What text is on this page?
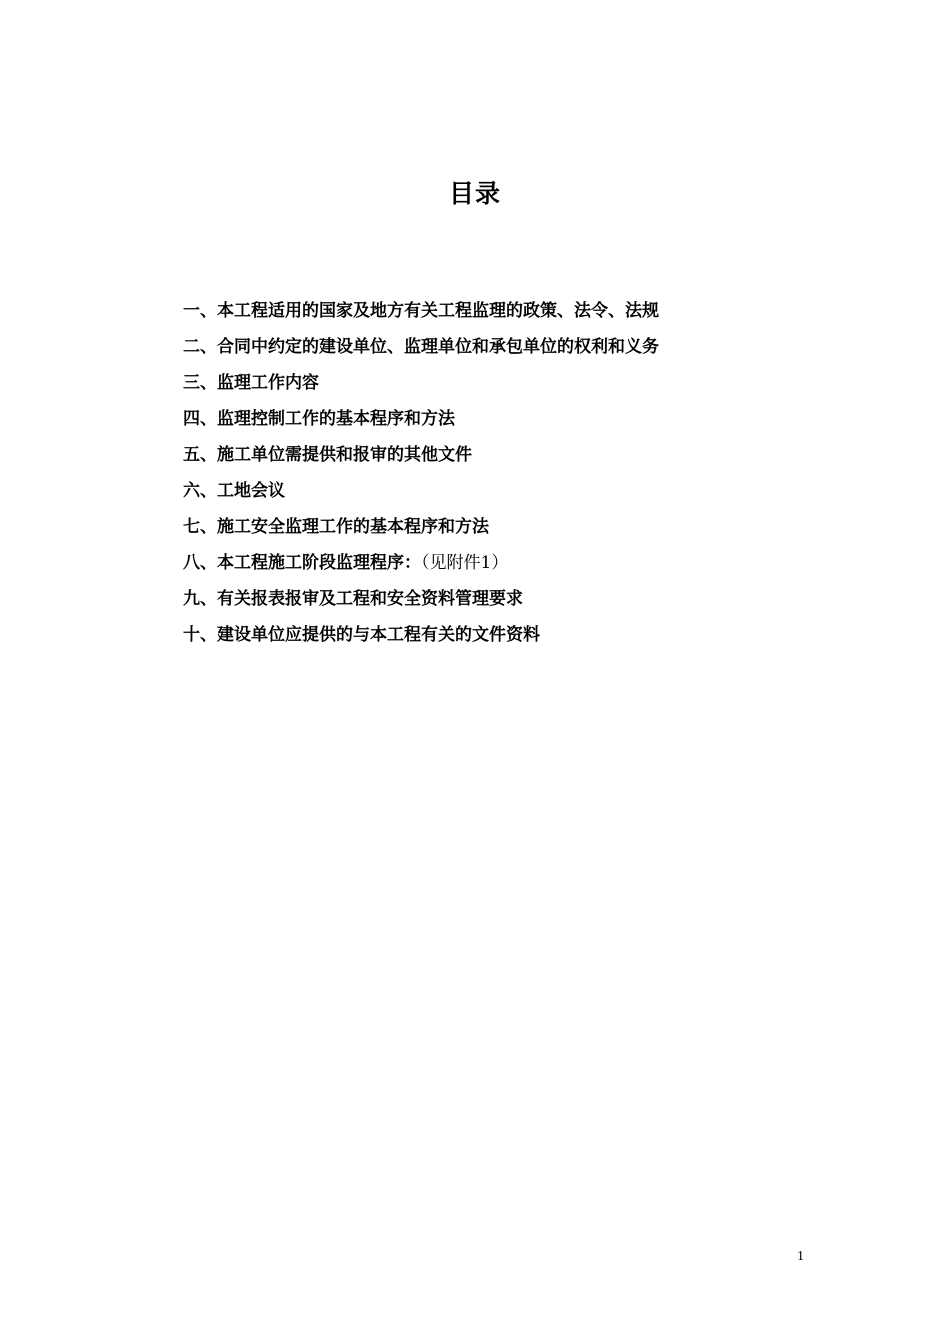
目录
一、本工程适用的国家及地方有关工程监理的政策、法令、法规
二、合同中约定的建设单位、监理单位和承包单位的权利和义务
三、监理工作内容
四、监理控制工作的基本程序和方法
五、施工单位需提供和报审的其他文件
六、工地会议
七、施工安全监理工作的基本程序和方法
八、本工程施工阶段监理程序：（见附件1）
九、有关报表报审及工程和安全资料管理要求
十、建设单位应提供的与本工程有关的文件资料
1
